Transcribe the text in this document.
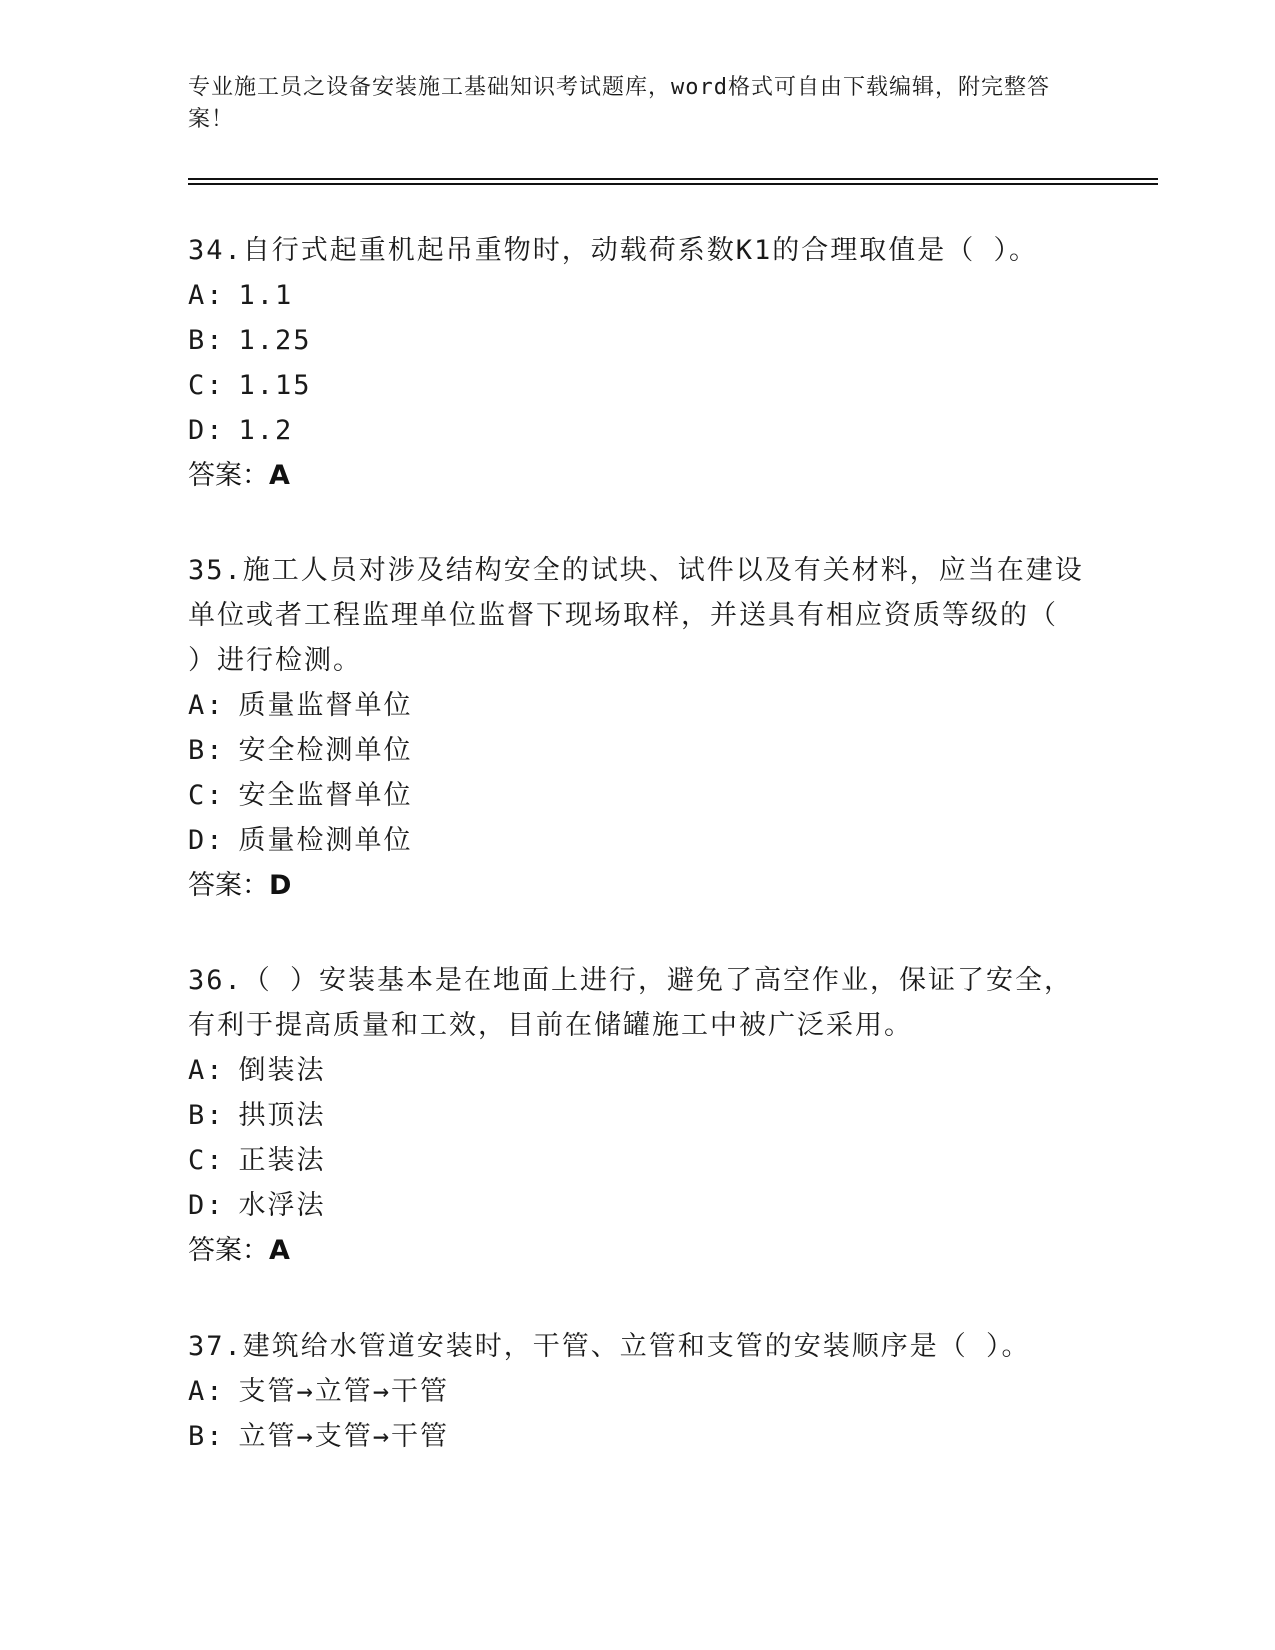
专业施工员之设备安装施工基础知识考试题库，word格式可自由下载编辑，附完整答案！

34.自行式起重机起吊重物时，动载荷系数K1的合理取值是（ ）。

A: 1.1

B: 1.25

C: 1.15

D: 1.2

答案：A

35.施工人员对涉及结构安全的试块、试件以及有关材料，应当在建设单位或者工程监理单位监督下现场取样，并送具有相应资质等级的（ ）进行检测。

A: 质量监督单位

B: 安全检测单位

C: 安全监督单位

D: 质量检测单位

答案：D

36.（ ）安装基本是在地面上进行，避免了高空作业，保证了安全，有利于提高质量和工效，目前在储罐施工中被广泛采用。

A: 倒装法

B: 拱顶法

C: 正装法

D: 水浮法

答案：A

37.建筑给水管道安装时，干管、立管和支管的安装顺序是（ ）。

A: 支管→立管→干管

B: 立管→支管→干管
